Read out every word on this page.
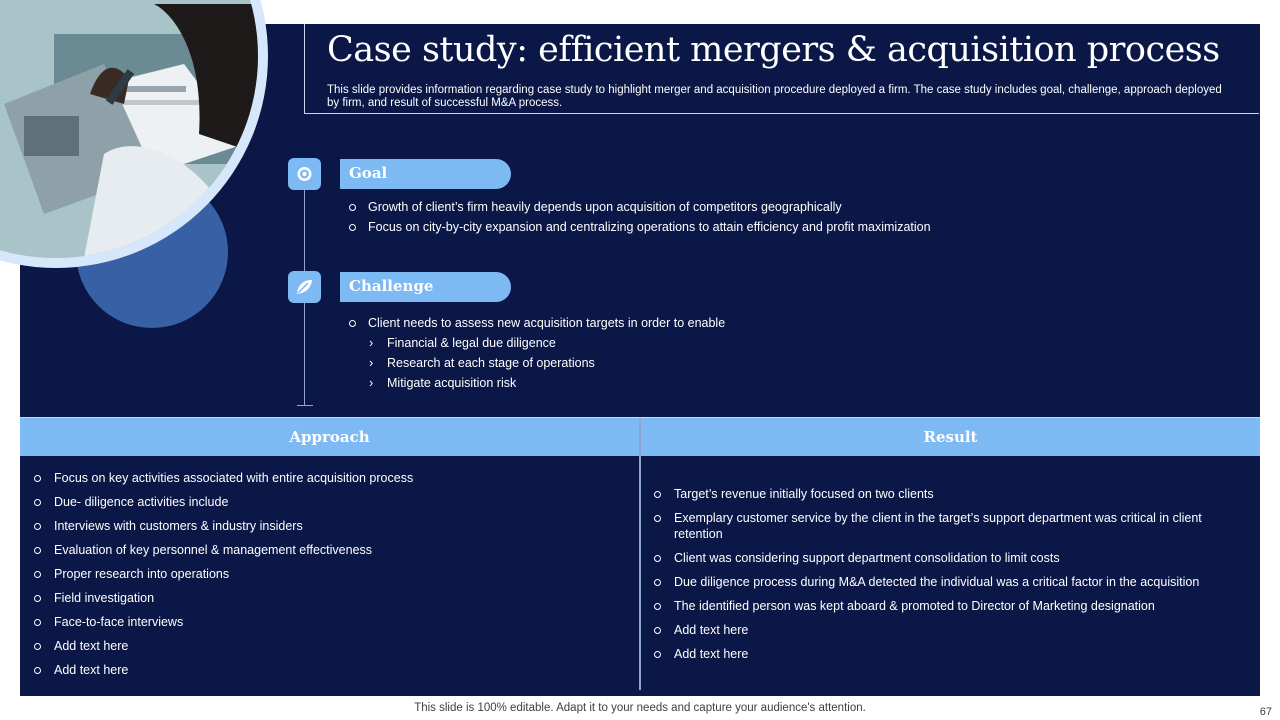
Case study: efficient mergers & acquisition process
This slide provides information regarding case study to highlight merger and acquisition procedure deployed a firm. The case study includes goal, challenge, approach deployed by firm, and result of successful M&A process.
Goal
Growth of client’s firm heavily depends upon acquisition of competitors geographically
Focus on city-by-city expansion and centralizing operations to attain efficiency and profit maximization
Challenge
Client needs to assess new acquisition targets in order to enable
› Financial & legal due diligence
› Research at each stage of operations
› Mitigate acquisition risk
Approach	Result
Focus on key activities associated with entire acquisition process
Due- diligence activities include
Interviews with customers & industry insiders
Evaluation of key personnel & management effectiveness
Proper research into operations
Field investigation
Face-to-face interviews
Add text here
Add text here
Target’s revenue initially focused on two clients
Exemplary customer service by the client in the target’s support department was critical in client retention
Client was considering support department consolidation to limit costs
Due diligence process during M&A detected the individual was a critical factor in the acquisition
The identified person was kept aboard & promoted to Director of Marketing designation
Add text here
Add text here
This slide is 100% editable. Adapt it to your needs and capture your audience's attention.	67
